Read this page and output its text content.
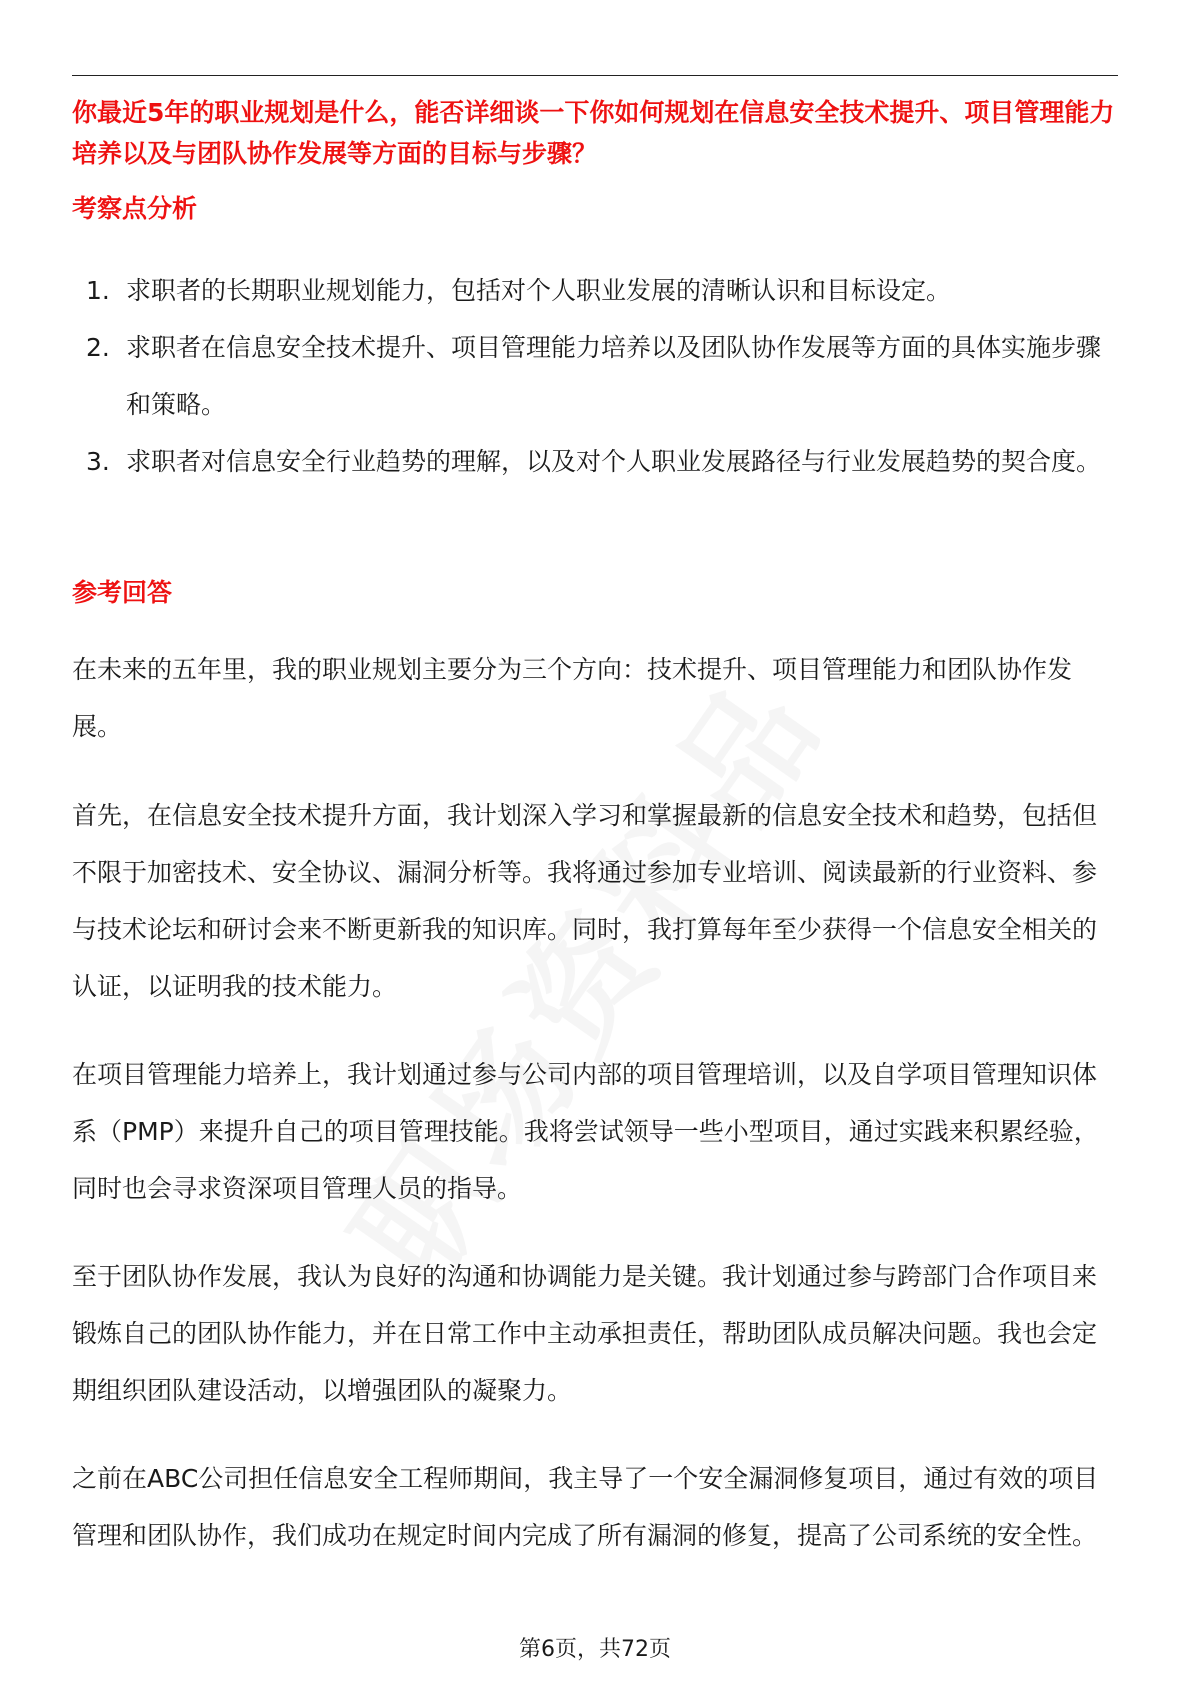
你最近5年的职业规划是什么，能否详细谈一下你如何规划在信息安全技术提升、项目管理能力培养以及与团队协作发展等方面的目标与步骤？

考察点分析
1. 求职者的长期职业规划能力，包括对个人职业发展的清晰认识和目标设定。
2. 求职者在信息安全技术提升、项目管理能力培养以及团队协作发展等方面的具体实施步骤和策略。
3. 求职者对信息安全行业趋势的理解，以及对个人职业发展路径与行业发展趋势的契合度。
参考回答

在未来的五年里，我的职业规划主要分为三个方向：技术提升、项目管理能力和团队协作发展。

首先，在信息安全技术提升方面，我计划深入学习和掌握最新的信息安全技术和趋势，包括但不限于加密技术、安全协议、漏洞分析等。我将通过参加专业培训、阅读最新的行业资料、参与技术论坛和研讨会来不断更新我的知识库。同时，我打算每年至少获得一个信息安全相关的认证，以证明我的技术能力。

在项目管理能力培养上，我计划通过参与公司内部的项目管理培训，以及自学项目管理知识体系（PMP）来提升自己的项目管理技能。我将尝试领导一些小型项目，通过实践来积累经验，同时也会寻求资深项目管理人员的指导。

至于团队协作发展，我认为良好的沟通和协调能力是关键。我计划通过参与跨部门合作项目来锻炼自己的团队协作能力，并在日常工作中主动承担责任，帮助团队成员解决问题。我也会定期组织团队建设活动，以增强团队的凝聚力。

之前在ABC公司担任信息安全工程师期间，我主导了一个安全漏洞修复项目，通过有效的项目管理和团队协作，我们成功在规定时间内完成了所有漏洞的修复，提高了公司系统的安全性。

第6页，共72页
